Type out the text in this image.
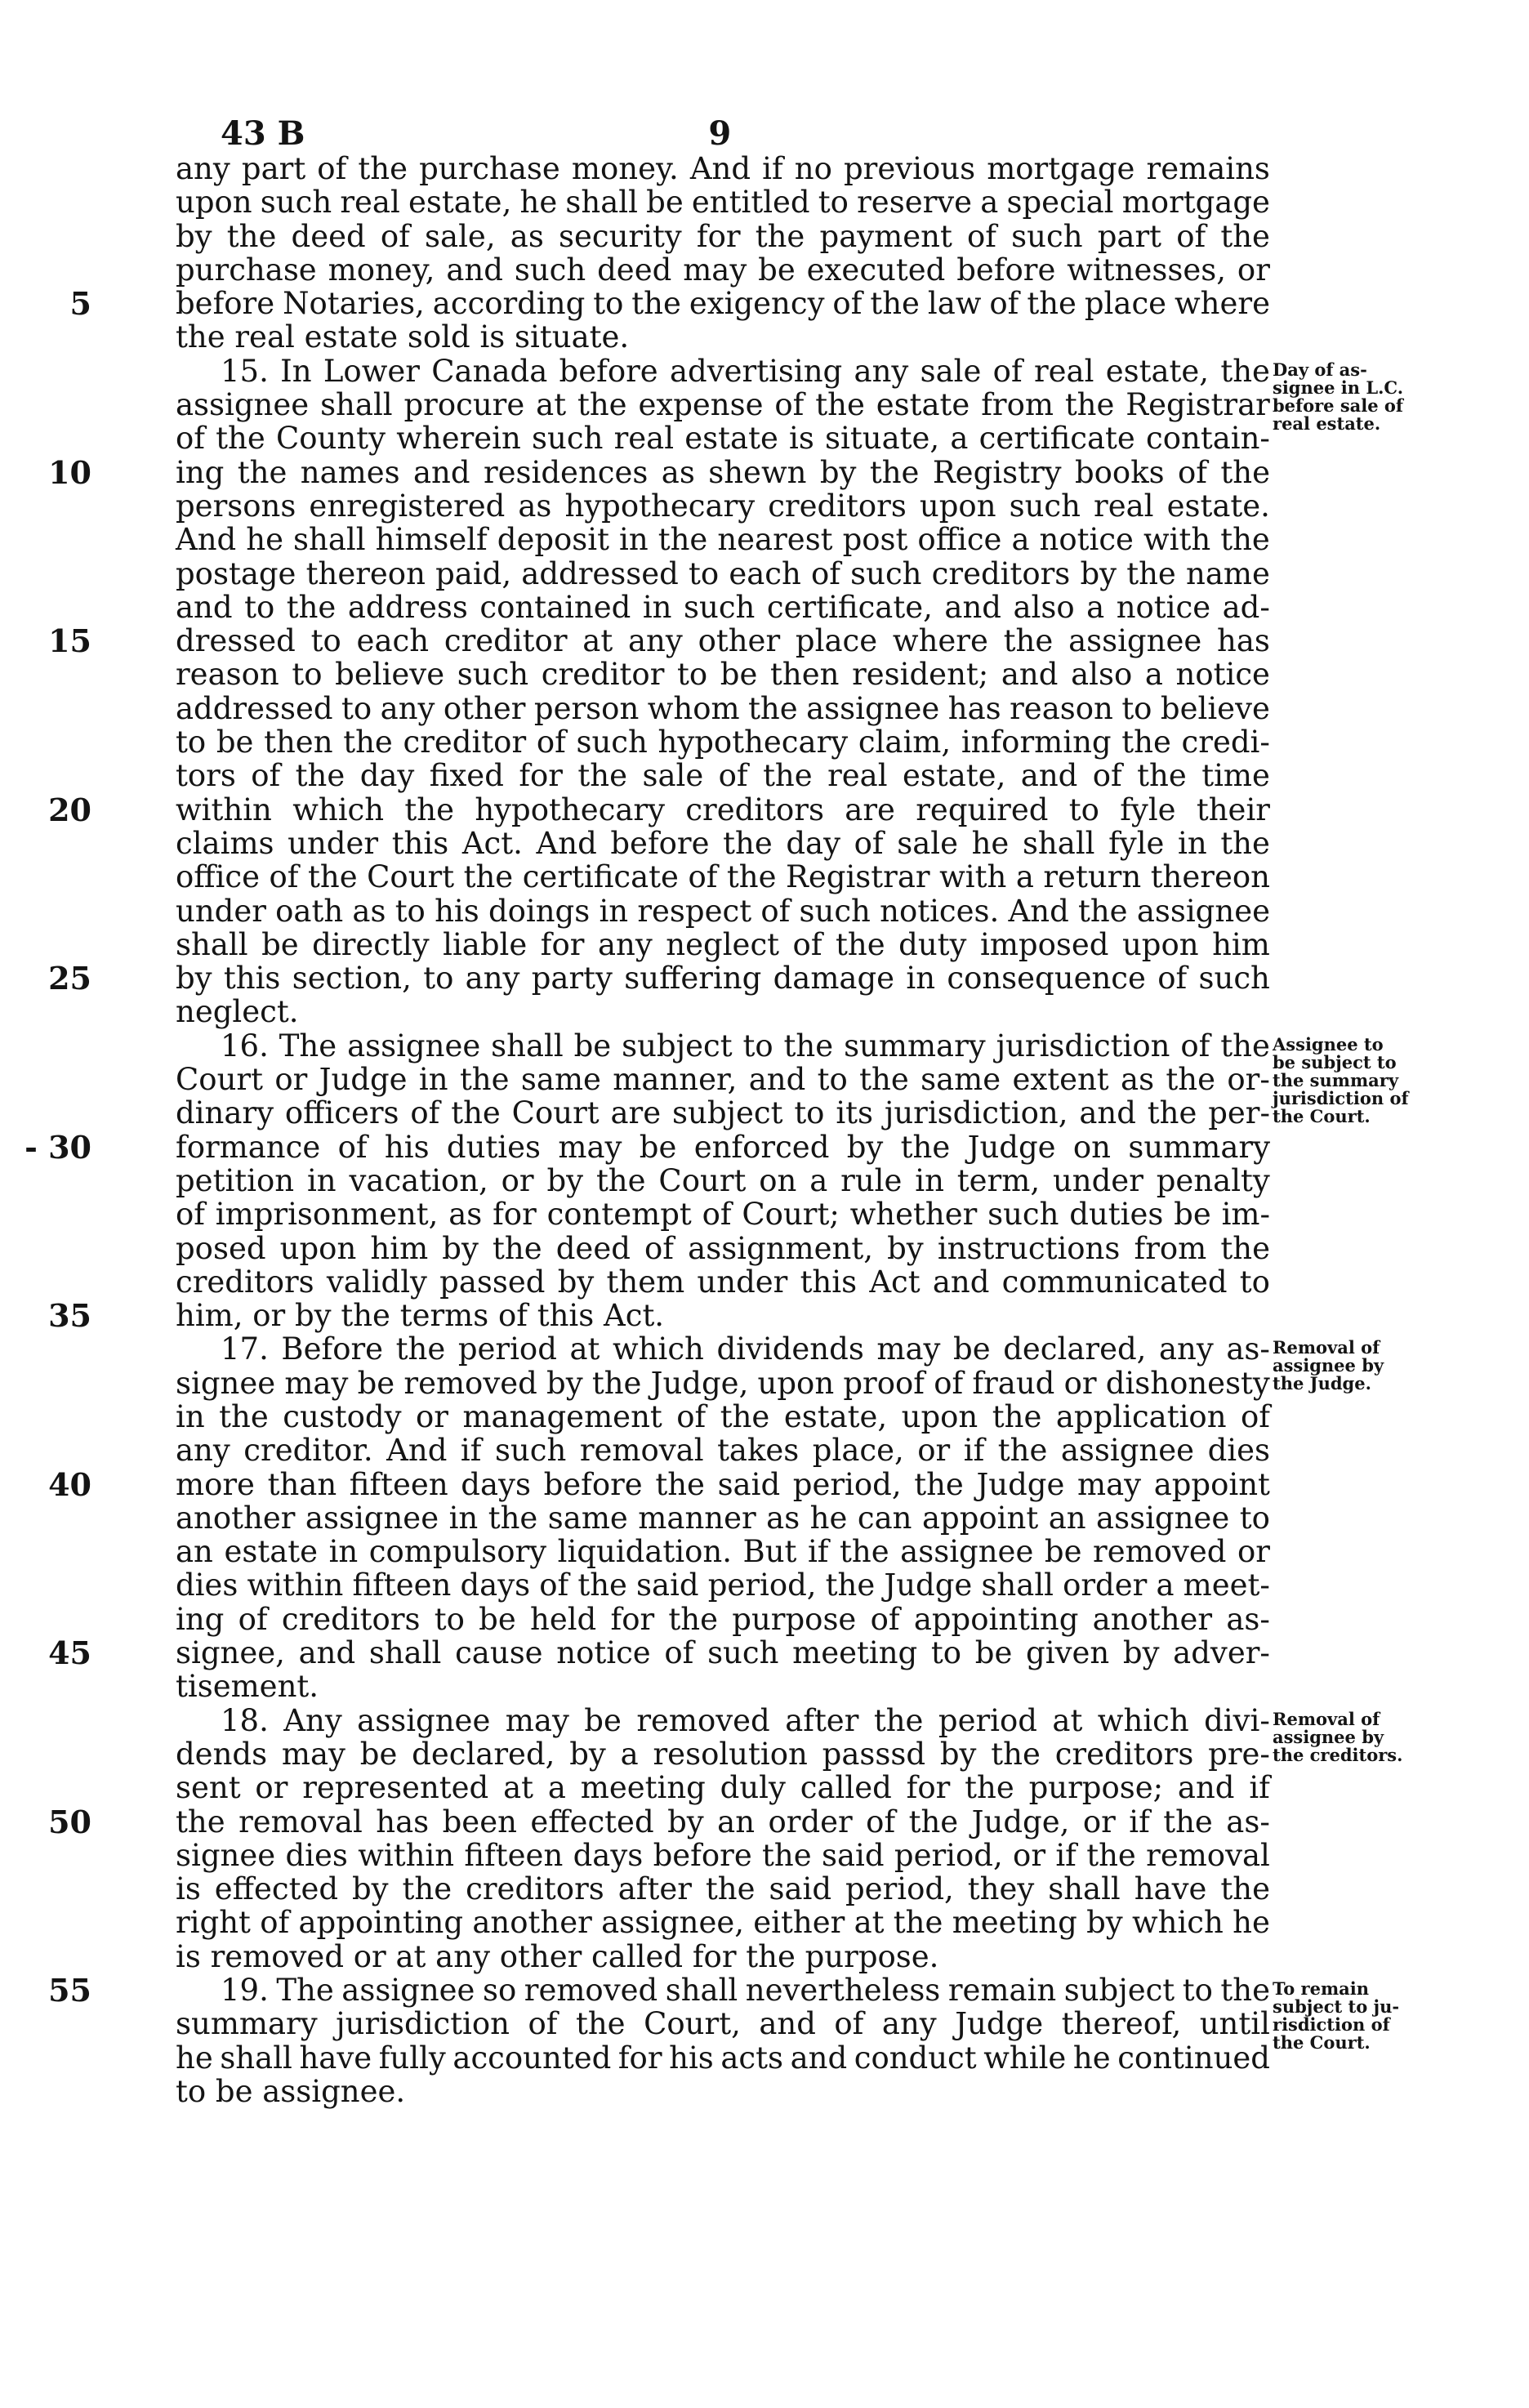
43 B	9
any part of the purchase money. And if no previous mortgage remains
upon such real estate, he shall be entitled to reserve a special mortgage
by the deed of sale, as security for the payment of such part of the
purchase money, and such deed may be executed before witnesses, or
5	before Notaries, according to the exigency of the law of the place where
the real estate sold is situate.
15. In Lower Canada before advertising any sale of real estate, the Day of as-
signee in L.C.
before sale of
real estate.
assignee shall procure at the expense of the estate from the Registrar
of the County wherein such real estate is situate, a certificate contain-
10	ing the names and residences as shewn by the Registry books of the
persons enregistered as hypothecary creditors upon such real estate.
And he shall himself deposit in the nearest post office a notice with the
postage thereon paid, addressed to each of such creditors by the name
and to the address contained in such certificate, and also a notice ad-
15	dressed to each creditor at any other place where the assignee has
reason to believe such creditor to be then resident; and also a notice
addressed to any other person whom the assignee has reason to believe
to be then the creditor of such hypothecary claim, informing the credi-
tors of the day fixed for the sale of the real estate, and of the time
20	within which the hypothecary creditors are required to fyle their
claims under this Act. And before the day of sale he shall fyle in the
office of the Court the certificate of the Registrar with a return thereon
under oath as to his doings in respect of such notices. And the assignee
shall be directly liable for any neglect of the duty imposed upon him
25	by this section, to any party suffering damage in consequence of such
neglect.
16. The assignee shall be subject to the summary jurisdiction of the Assignee to
be subject to
the summary
jurisdiction of
the Court.
Court or Judge in the same manner, and to the same extent as the or-
dinary officers of the Court are subject to its jurisdiction, and the per-
- 30	formance of his duties may be enforced by the Judge on summary
petition in vacation, or by the Court on a rule in term, under penalty
of imprisonment, as for contempt of Court; whether such duties be im-
posed upon him by the deed of assignment, by instructions from the
creditors validly passed by them under this Act and communicated to
35	him, or by the terms of this Act.
17. Before the period at which dividends may be declared, any as- Removal of
assignee by
the Judge.
signee may be removed by the Judge, upon proof of fraud or dishonesty
in the custody or management of the estate, upon the application of
any creditor. And if such removal takes place, or if the assignee dies
40	more than fifteen days before the said period, the Judge may appoint
another assignee in the same manner as he can appoint an assignee to
an estate in compulsory liquidation. But if the assignee be removed or
dies within fifteen days of the said period, the Judge shall order a meet-
ing of creditors to be held for the purpose of appointing another as-
45	signee, and shall cause notice of such meeting to be given by adver-
tisement.
18. Any assignee may be removed after the period at which divi- Removal of
assignee by
the creditors.
dends may be declared, by a resolution passsd by the creditors pre-
sent or represented at a meeting duly called for the purpose; and if
50	the removal has been effected by an order of the Judge, or if the as-
signee dies within fifteen days before the said period, or if the removal
is effected by the creditors after the said period, they shall have the
right of appointing another assignee, either at the meeting by which he
is removed or at any other called for the purpose.
55	19. The assignee so removed shall nevertheless remain subject to the To remain
subject to ju-
risdiction of
the Court.
summary jurisdiction of the Court, and of any Judge thereof, until
he shall have fully accounted for his acts and conduct while he continued
to be assignee.
